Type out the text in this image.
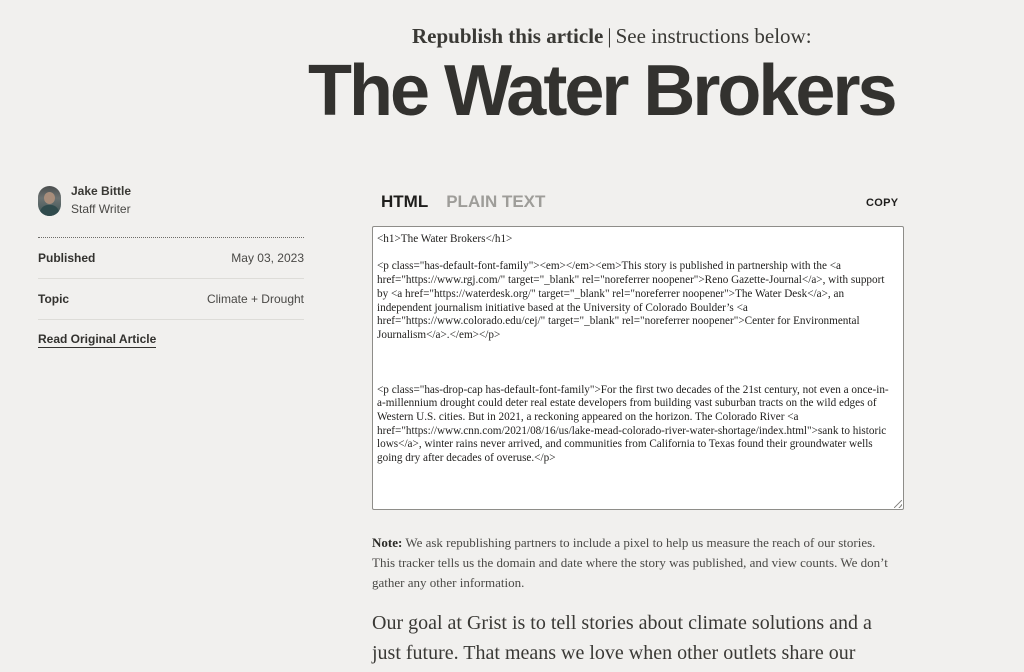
Republish this article | See instructions below:
The Water Brokers
Jake Bittle
Staff Writer
Published	May 03, 2023
Topic	Climate + Drought
Read Original Article
HTML PLAIN TEXT	COPY

<h1>The Water Brokers</h1>

<p class="has-default-font-family"><em></em><em>This story is published in partnership with the <a href="https://www.rgj.com/" target="_blank" rel="noreferrer noopener">Reno Gazette-Journal</a>, with support by <a href="https://waterdesk.org/" target="_blank" rel="noreferrer noopener">The Water Desk</a>, an independent journalism initiative based at the University of Colorado Boulder’s <a href="https://www.colorado.edu/cej/" target="_blank" rel="noreferrer noopener">Center for Environmental Journalism</a>.</em></p>

<p class="has-drop-cap has-default-font-family">For the first two decades of the 21st century, not even a once-in-a-millennium drought could deter real estate developers from building vast suburban tracts on the wild edges of Western U.S. cities. But in 2021, a reckoning appeared on the horizon. The Colorado River <a href="https://www.cnn.com/2021/08/16/us/lake-mead-colorado-river-water-shortage/index.html">sank to historic lows</a>, winter rains never arrived, and communities from California to Texas found their groundwater wells going dry after decades of overuse.</p>

Note: We ask republishing partners to include a pixel to help us measure the reach of our stories. This tracker tells us the domain and date where the story was published, and view counts. We don’t gather any other information.

Our goal at Grist is to tell stories about climate solutions and a just future. That means we love when other outlets share our
